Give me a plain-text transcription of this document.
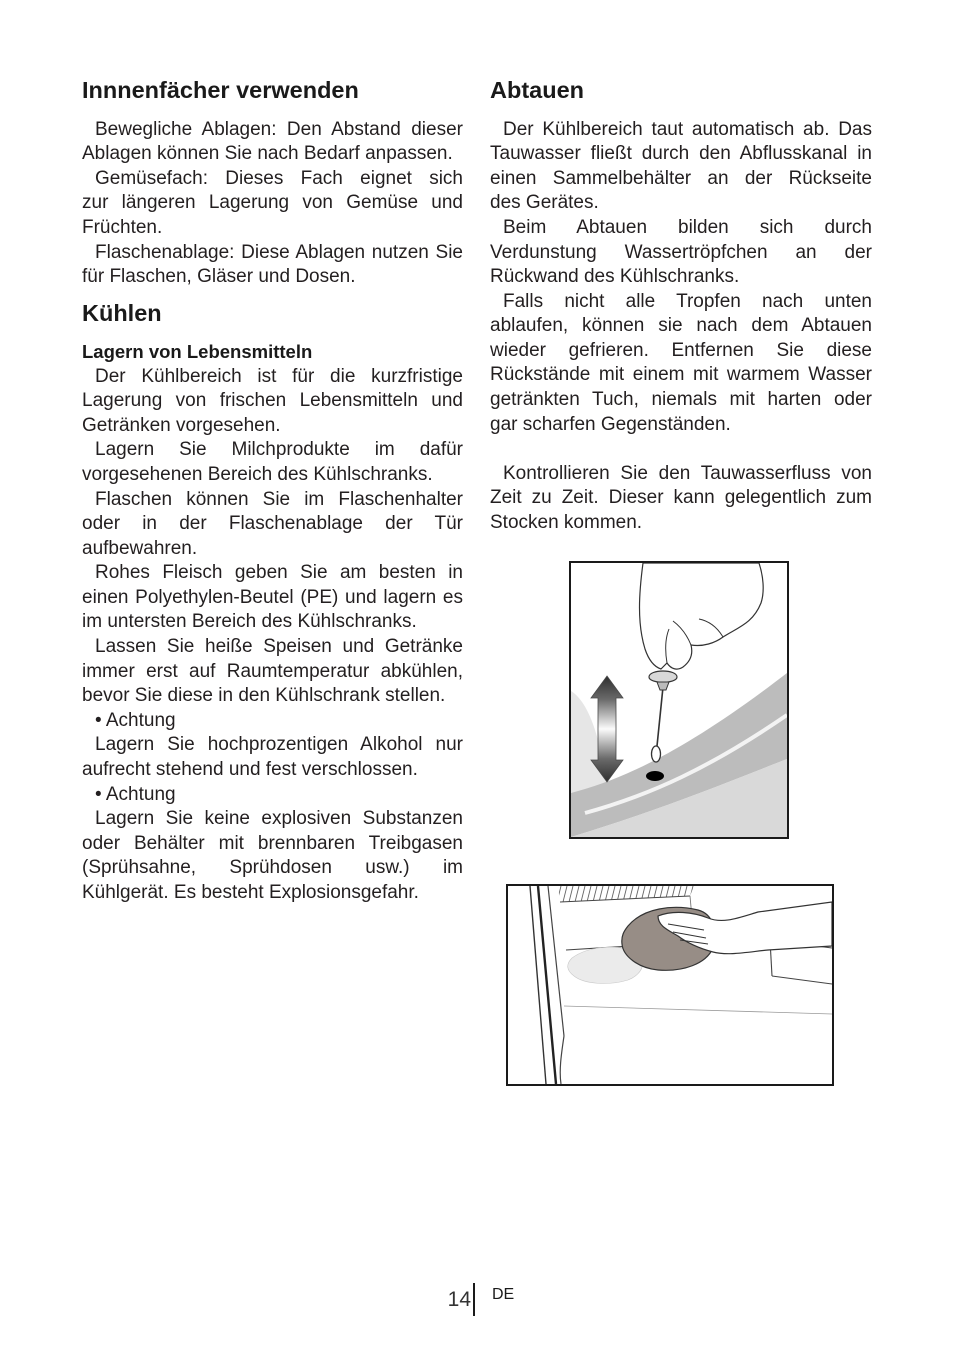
Innnenfächer verwenden
Bewegliche Ablagen: Den Abstand dieser
Ablagen können Sie nach Bedarf anpassen.
Gemüsefach: Dieses Fach eignet sich
zur längeren Lagerung von Gemüse und
Früchten.
Flaschenablage: Diese Ablagen nutzen Sie
für Flaschen, Gläser und Dosen.
Kühlen
Lagern von Lebensmitteln
Der Kühlbereich ist für die kurzfristige
Lagerung von frischen Lebensmitteln und
Getränken vorgesehen.
Lagern Sie Milchprodukte im dafür
vorgesehenen Bereich des Kühlschranks.
Flaschen können Sie im Flaschenhalter
oder in der Flaschenablage der Tür
aufbewahren.
Rohes Fleisch geben Sie am besten in
einen Polyethylen-Beutel (PE) und lagern es
im untersten Bereich des Kühlschranks.
Lassen Sie heiße Speisen und Getränke
immer erst auf Raumtemperatur abkühlen,
bevor Sie diese in den Kühlschrank stellen.
• Achtung
Lagern Sie hochprozentigen Alkohol nur
aufrecht stehend und fest verschlossen.
• Achtung
Lagern Sie keine explosiven Substanzen
oder Behälter mit brennbaren Treibgasen
(Sprühsahne, Sprühdosen usw.) im
Kühlgerät. Es besteht Explosionsgefahr.
Abtauen
Der Kühlbereich taut automatisch ab. Das
Tauwasser fließt durch den Abflusskanal in
einen Sammelbehälter an der Rückseite
des Gerätes.
Beim Abtauen bilden sich durch
Verdunstung Wassertröpfchen an der
Rückwand des Kühlschranks.
Falls nicht alle Tropfen nach unten
ablaufen, können sie nach dem Abtauen
wieder gefrieren. Entfernen Sie diese
Rückstände mit einem mit warmem Wasser
getränkten Tuch, niemals mit harten oder
gar scharfen Gegenständen.
Kontrollieren Sie den Tauwasserfluss von
Zeit zu Zeit. Dieser kann gelegentlich zum
Stocken kommen.
14 DE
